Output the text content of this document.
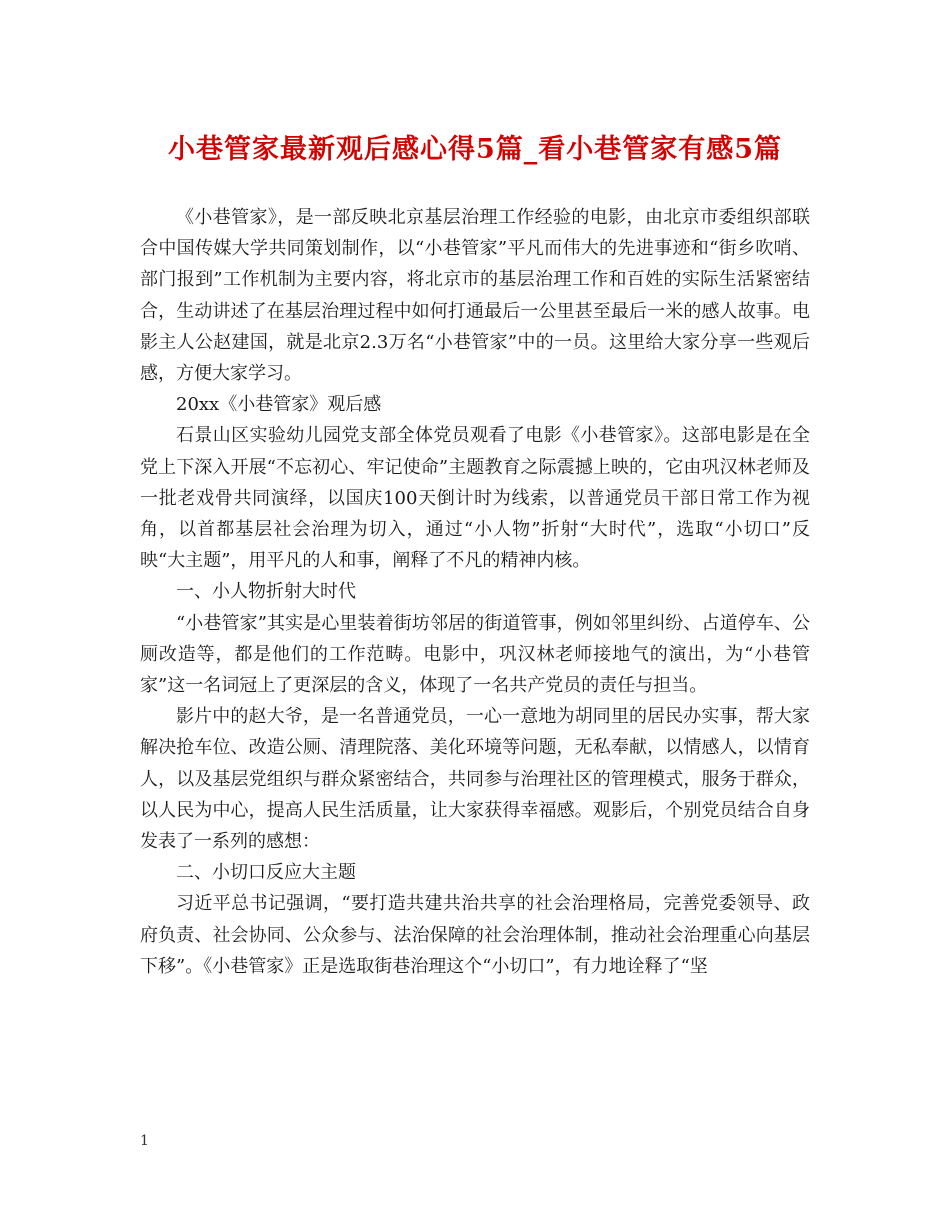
小巷管家最新观后感心得5篇_看小巷管家有感5篇

《小巷管家》，是一部反映北京基层治理工作经验的电影，由北京市委组织部联合中国传媒大学共同策划制作，以“小巷管家”平凡而伟大的先进事迹和“街乡吹哨、部门报到”工作机制为主要内容，将北京市的基层治理工作和百姓的实际生活紧密结合，生动讲述了在基层治理过程中如何打通最后一公里甚至最后一米的感人故事。电影主人公赵建国，就是北京2.3万名“小巷管家”中的一员。这里给大家分享一些观后感，方便大家学习。

20xx《小巷管家》观后感

石景山区实验幼儿园党支部全体党员观看了电影《小巷管家》。这部电影是在全党上下深入开展“不忘初心、牢记使命”主题教育之际震撼上映的，它由巩汉林老师及一批老戏骨共同演绎，以国庆100天倒计时为线索，以普通党员干部日常工作为视角，以首都基层社会治理为切入，通过“小人物”折射“大时代”，选取“小切口”反映“大主题”，用平凡的人和事，阐释了不凡的精神内核。

一、小人物折射大时代

“小巷管家”其实是心里装着街坊邻居的街道管事，例如邻里纠纷、占道停车、公厕改造等，都是他们的工作范畴。电影中，巩汉林老师接地气的演出，为“小巷管家”这一名词冠上了更深层的含义，体现了一名共产党员的责任与担当。

影片中的赵大爷，是一名普通党员，一心一意地为胡同里的居民办实事，帮大家解决抢车位、改造公厕、清理院落、美化环境等问题，无私奉献，以情感人，以情育人，以及基层党组织与群众紧密结合，共同参与治理社区的管理模式，服务于群众，以人民为中心，提高人民生活质量，让大家获得幸福感。观影后，个别党员结合自身发表了一系列的感想：

二、小切口反应大主题

习近平总书记强调，“要打造共建共治共享的社会治理格局，完善党委领导、政府负责、社会协同、公众参与、法治保障的社会治理体制，推动社会治理重心向基层下移”。《小巷管家》正是选取街巷治理这个“小切口”，有力地诠释了“坚

1
